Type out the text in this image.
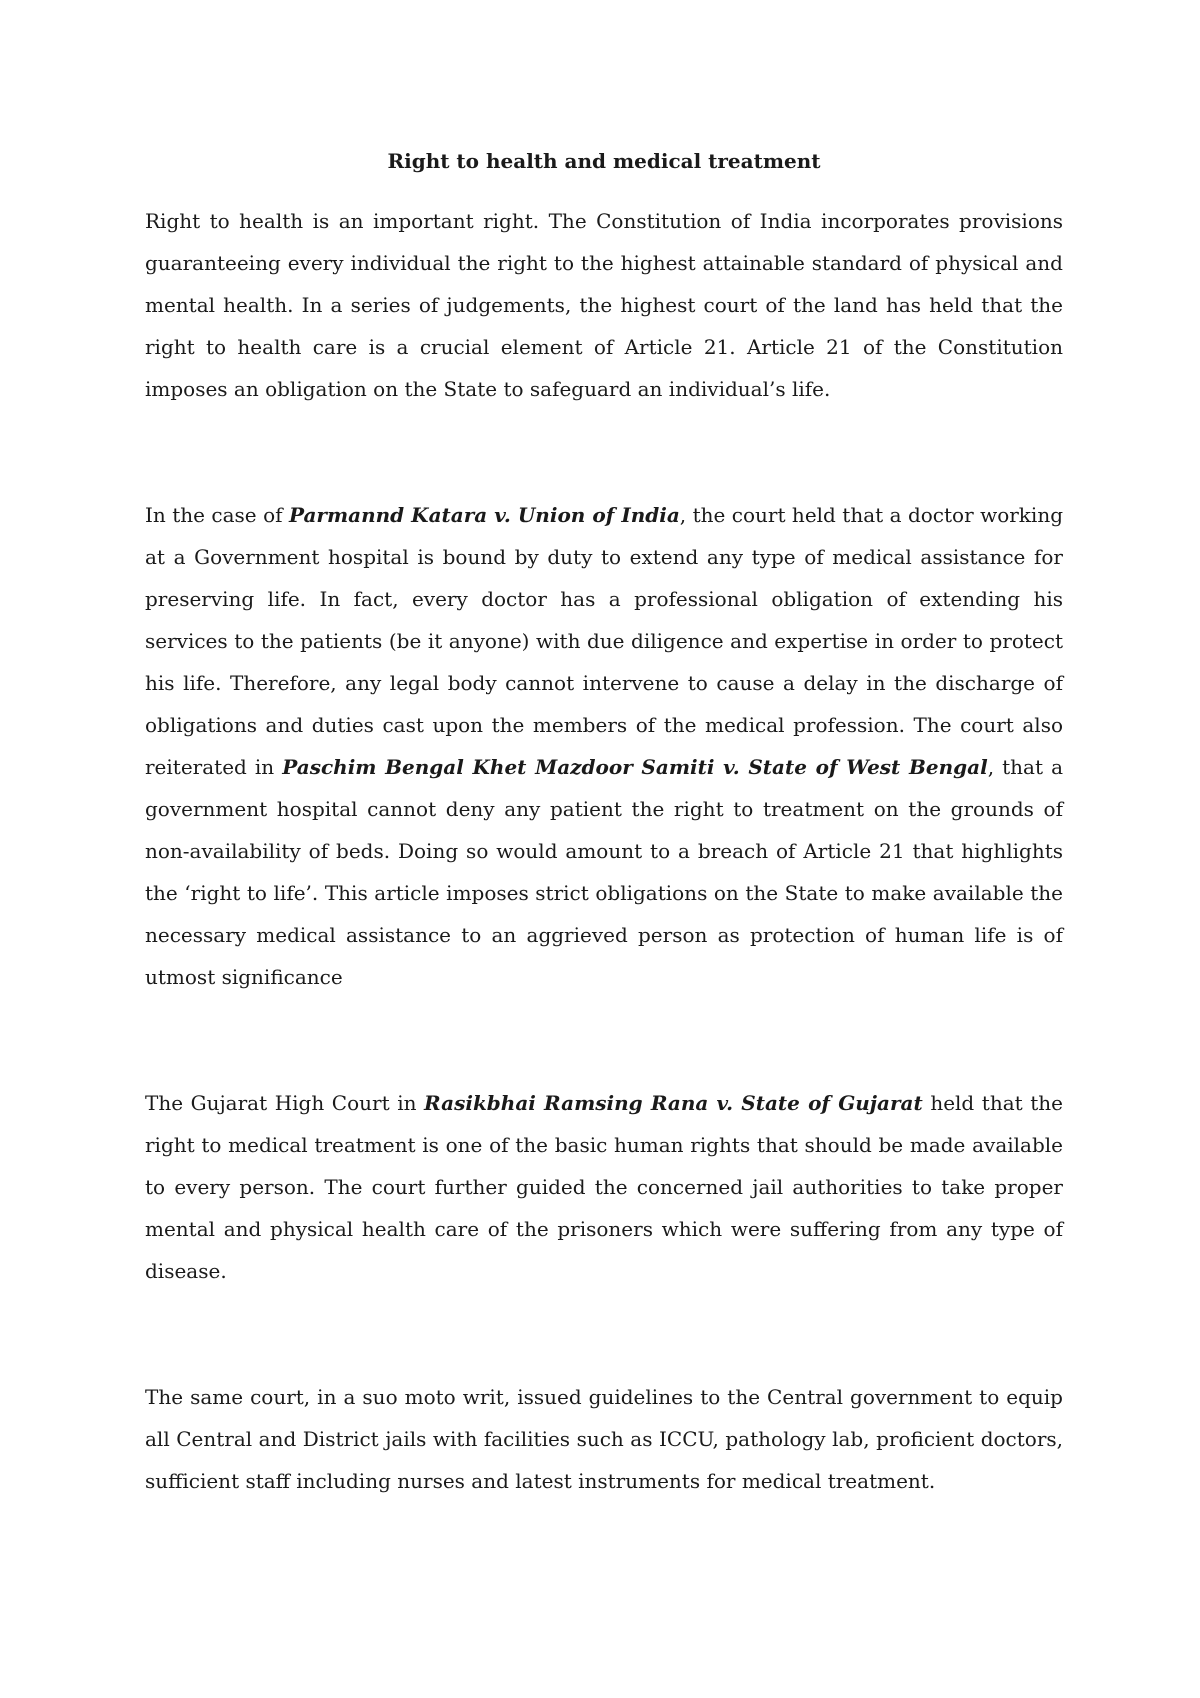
Right to health and medical treatment

Right to health is an important right. The Constitution of India incorporates provisions guaranteeing every individual the right to the highest attainable standard of physical and mental health. In a series of judgements, the highest court of the land has held that the right to health care is a crucial element of Article 21. Article 21 of the Constitution imposes an obligation on the State to safeguard an individual’s life.

In the case of Parmannd Katara v. Union of India, the court held that a doctor working at a Government hospital is bound by duty to extend any type of medical assistance for preserving life. In fact, every doctor has a professional obligation of extending his services to the patients (be it anyone) with due diligence and expertise in order to protect his life. Therefore, any legal body cannot intervene to cause a delay in the discharge of obligations and duties cast upon the members of the medical profession. The court also reiterated in Paschim Bengal Khet Mazdoor Samiti v. State of West Bengal, that a government hospital cannot deny any patient the right to treatment on the grounds of non-availability of beds. Doing so would amount to a breach of Article 21 that highlights the ‘right to life’. This article imposes strict obligations on the State to make available the necessary medical assistance to an aggrieved person as protection of human life is of utmost significance

The Gujarat High Court in Rasikbhai Ramsing Rana v. State of Gujarat held that the right to medical treatment is one of the basic human rights that should be made available to every person. The court further guided the concerned jail authorities to take proper mental and physical health care of the prisoners which were suffering from any type of disease.

The same court, in a suo moto writ, issued guidelines to the Central government to equip all Central and District jails with facilities such as ICCU, pathology lab, proficient doctors, sufficient staff including nurses and latest instruments for medical treatment.
